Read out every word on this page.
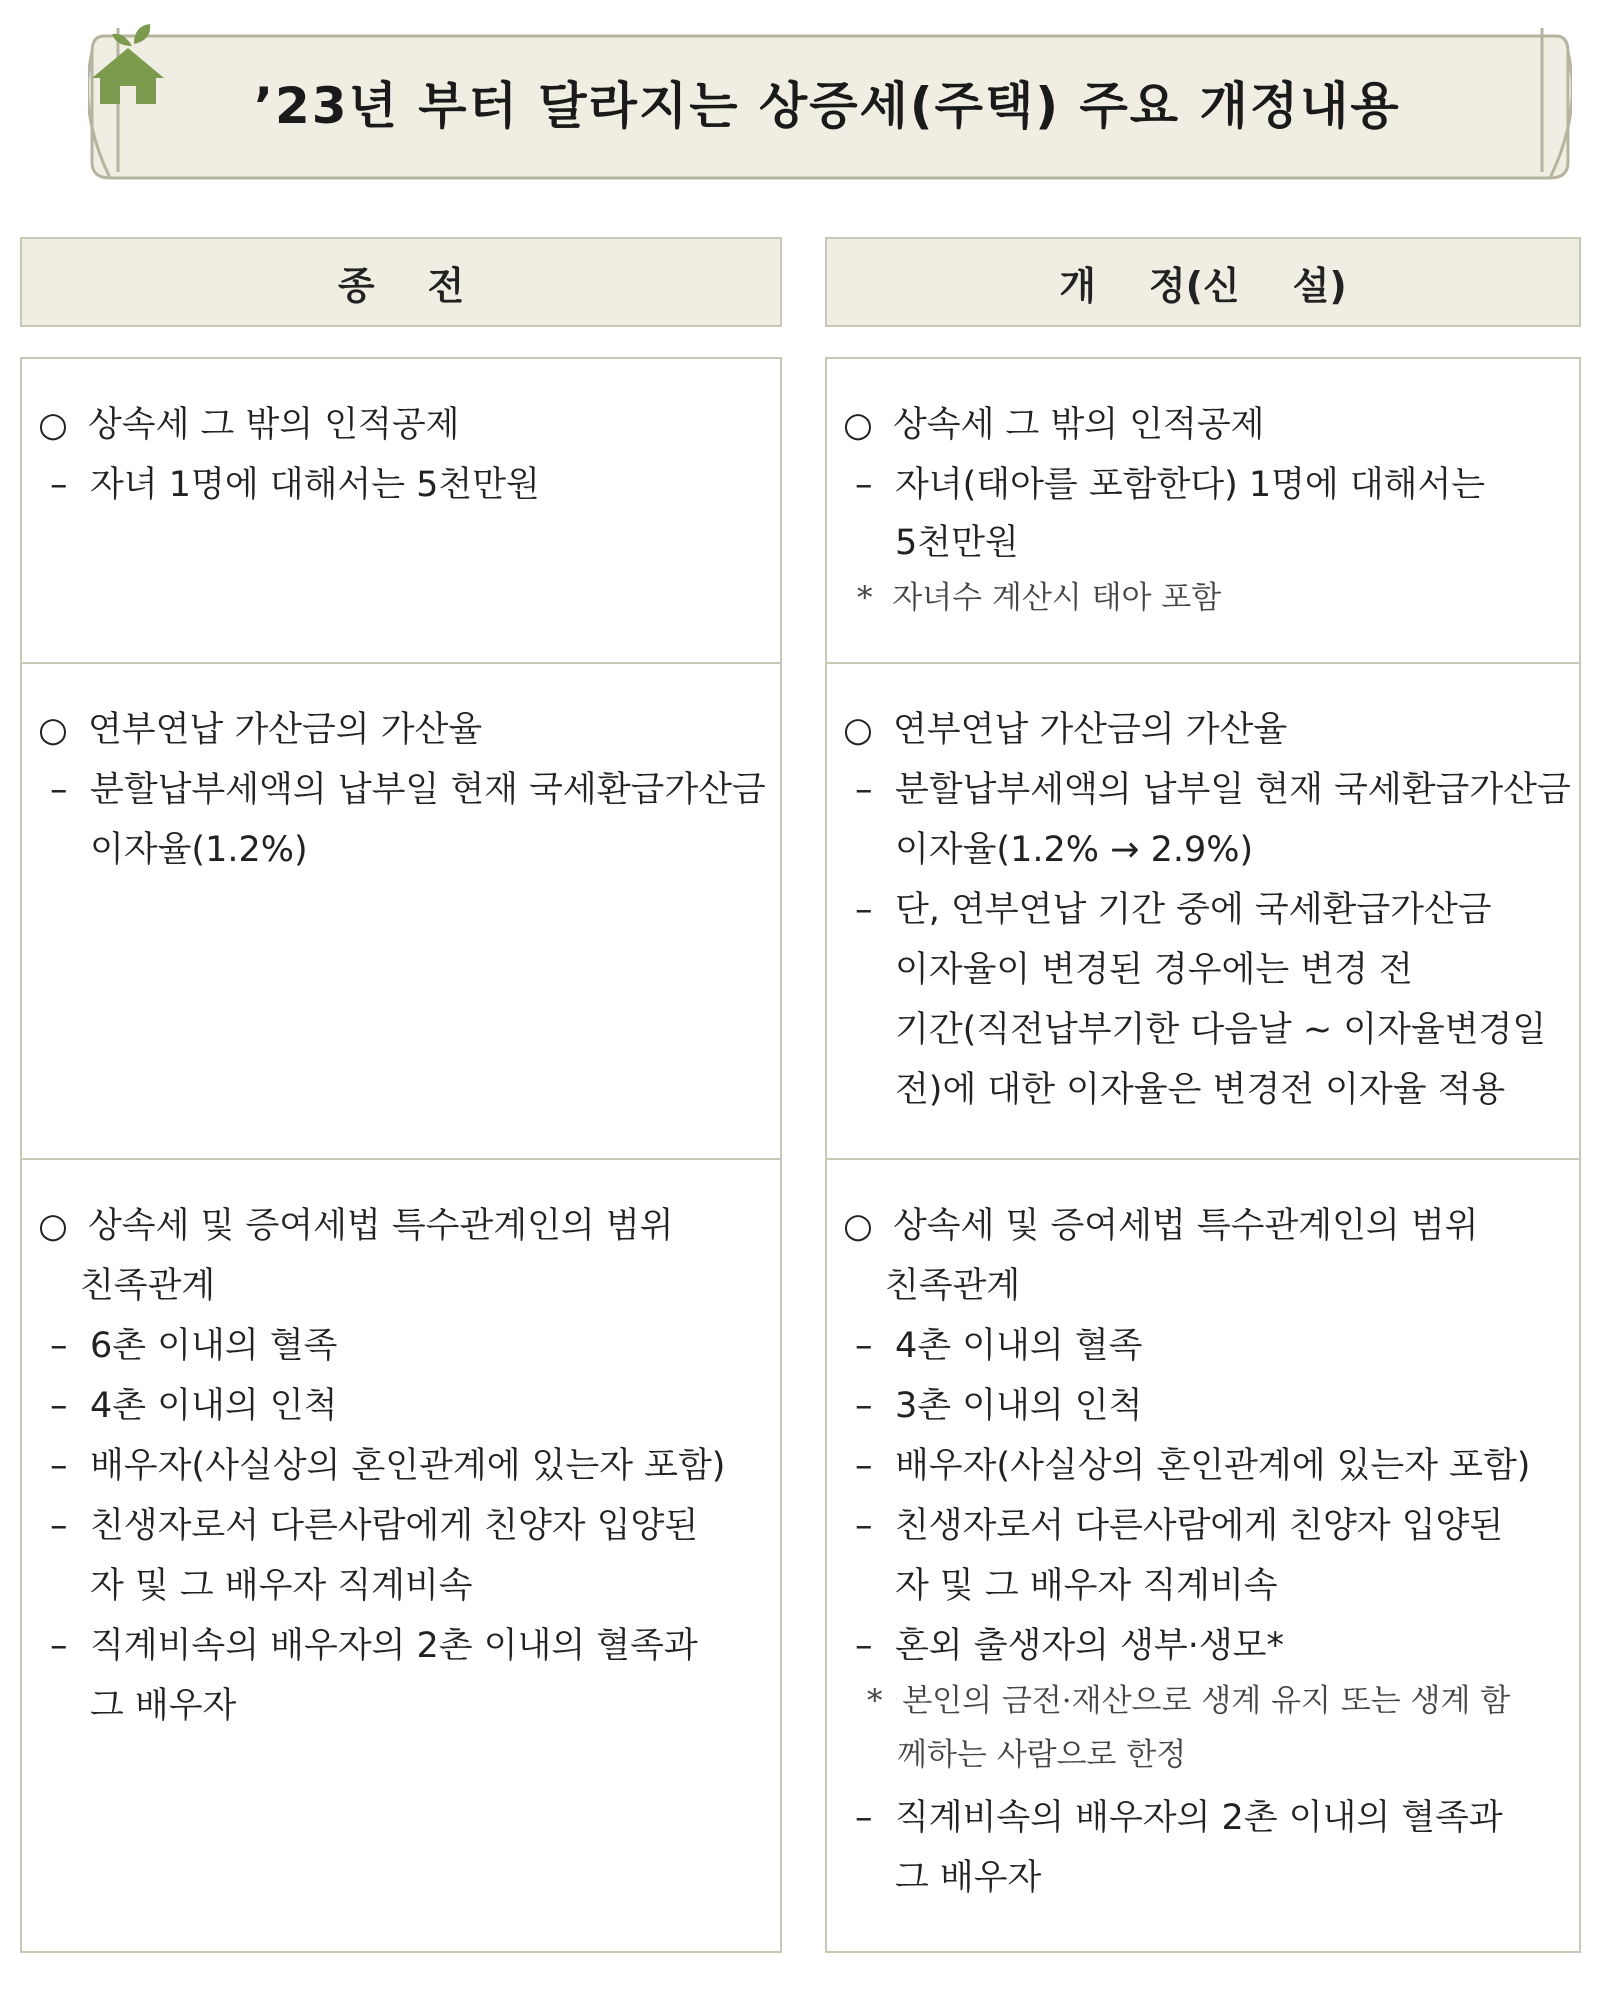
’23년 부터 달라지는 상증세(주택) 주요 개정내용
종    전	개    정(신    설)
○ 상속세 그 밖의 인적공제
– 자녀 1명에 대해서는 5천만원
○ 연부연납 가산금의 가산율
– 분할납부세액의 납부일 현재 국세환급가산금
이자율(1.2%)
○ 상속세 및 증여세법 특수관계인의 범위
친족관계
– 6촌 이내의 혈족
– 4촌 이내의 인척
– 배우자(사실상의 혼인관계에 있는자 포함)
– 친생자로서 다른사람에게 친양자 입양된
자 및 그 배우자 직계비속
– 직계비속의 배우자의 2촌 이내의 혈족과
그 배우자
○ 상속세 그 밖의 인적공제
– 자녀(태아를 포함한다) 1명에 대해서는
5천만원
* 자녀수 계산시 태아 포함
○ 연부연납 가산금의 가산율
– 분할납부세액의 납부일 현재 국세환급가산금
이자율(1.2% → 2.9%)
– 단, 연부연납 기간 중에 국세환급가산금
이자율이 변경된 경우에는 변경 전
기간(직전납부기한 다음날 ~ 이자율변경일
전)에 대한 이자율은 변경전 이자율 적용
○ 상속세 및 증여세법 특수관계인의 범위
친족관계
– 4촌 이내의 혈족
– 3촌 이내의 인척
– 배우자(사실상의 혼인관계에 있는자 포함)
– 친생자로서 다른사람에게 친양자 입양된
자 및 그 배우자 직계비속
– 혼외 출생자의 생부·생모*
* 본인의 금전·재산으로 생계 유지 또는 생계 함
께하는 사람으로 한정
– 직계비속의 배우자의 2촌 이내의 혈족과
그 배우자
